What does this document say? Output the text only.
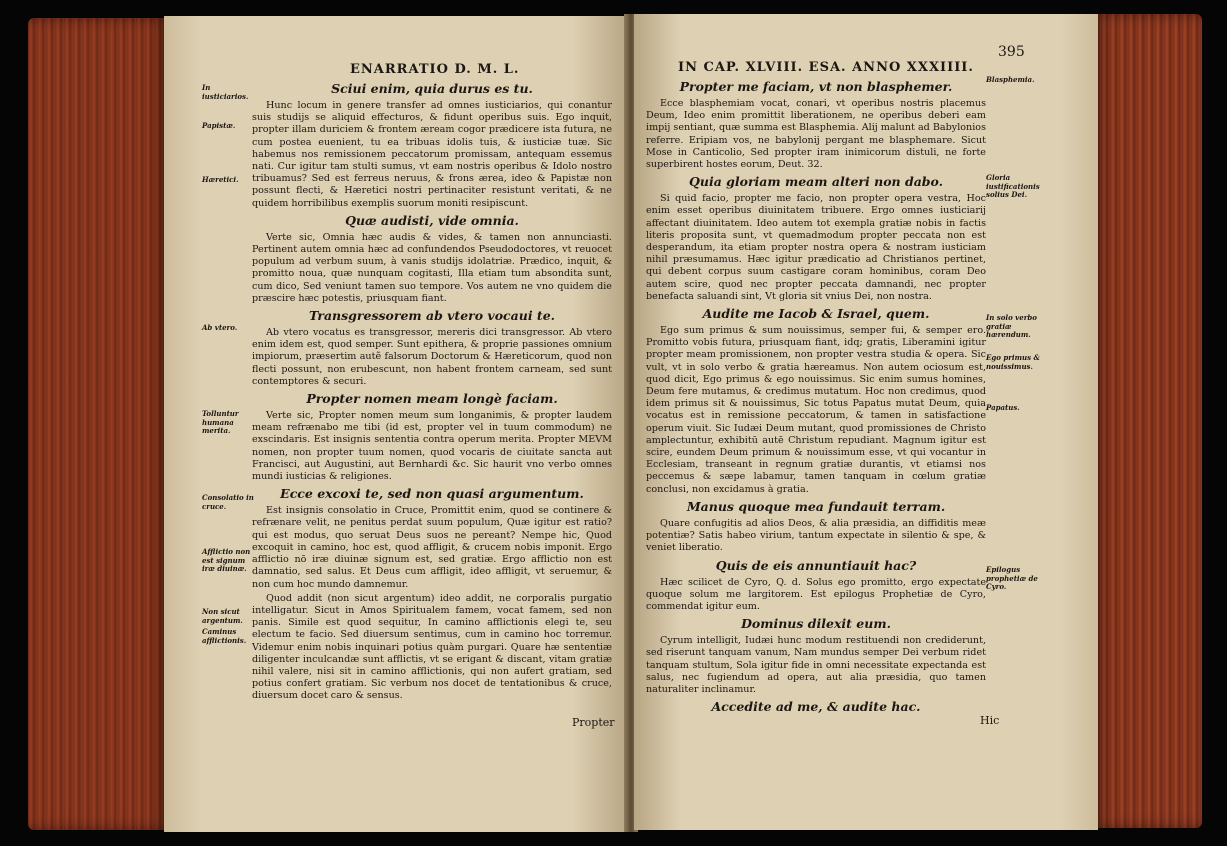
ENARRATIO D. M. L.
Sciui enim, quia durus es tu.

Hunc locum in genere transfer ad omnes iusticiarios, qui conantur suis studijs se aliquid effecturos, & fidunt operibus suis. Ego inquit, propter illam duriciem & frontem æream cogor prædicere ista futura, ne cum postea euenient, tu ea tribuas idolis tuis, & iusticiæ tuæ. Sic habemus nos remissionem peccatorum promissam, antequam essemus nati. Cur igitur tam stulti sumus, vt eam nostris operibus & Idolo nostro tribuamus? Sed est ferreus neruus, & frons ærea, ideo & Papistæ non possunt flecti, & Hæretici nostri pertinaciter resistunt veritati, & ne quidem horribilibus exemplis suorum moniti resipiscunt.

Quæ audisti, vide omnia.

Verte sic, Omnia hæc audis & vides, & tamen non annunciasti. Pertinent autem omnia hæc ad confundendos Pseudodoctores, vt reuocet populum ad verbum suum, à vanis studijs idolatriæ. Prædico, inquit, & promitto noua, quæ nunquam cogitasti, Illa etiam tum absondita sunt, cum dico, Sed veniunt tamen suo tempore. Vos autem ne vno quidem die præscire hæc potestis, priusquam fiant.

Transgressorem ab vtero vocaui te.

Ab vtero vocatus es transgressor, mereris dici transgressor. Ab vtero enim idem est, quod semper. Sunt epithera, & proprie passiones omnium impiorum, præsertim autẽ falsorum Doctorum & Hæreticorum, quod non flecti possunt, non erubescunt, non habent frontem carneam, sed sunt contemptores & securi.

Propter nomen meam longè faciam.

Verte sic, Propter nomen meum sum longanimis, & propter laudem meam refrænabo me tibi (id est, propter vel in tuum commodum) ne exscindaris. Est insignis sententia contra operum merita. Propter MEVM nomen, non propter tuum nomen, quod vocaris de ciuitate sancta aut Francisci, aut Augustini, aut Bernhardi &c. Sic haurit vno verbo omnes mundi iusticias & religiones.

Ecce excoxi te, sed non quasi argumentum.

Est insignis consolatio in Cruce, Promittit enim, quod se continere & refrænare velit, ne penitus perdat suum populum, Quæ igitur est ratio? qui est modus, quo seruat Deus suos ne pereant? Nempe hic, Quod excoquit in camino, hoc est, quod affligit, & crucem nobis imponit. Ergo afflictio nō iræ diuinæ signum est, sed gratiæ. Ergo afflictio non est damnatio, sed salus. Et Deus cum affligit, ideo affligit, vt seruemur, & non cum hoc mundo damnemur.

Quod addit (non sicut argentum) ideo addit, ne corporalis purgatio intelligatur. Sicut in Amos Spiritualem famem, vocat famem, sed non panis. Simile est quod sequitur, In camino afflictionis elegi te, seu electum te facio. Sed diuersum sentimus, cum in camino hoc torremur. Videmur enim nobis inquinari potius quàm purgari. Quare hæ sententiæ diligenter inculcandæ sunt afflictis, vt se erigant & discant, vitam gratiæ nihil valere, nisi sit in camino afflictionis, qui non aufert gratiam, sed potius confert gratiam. Sic verbum nos docet de tentationibus & cruce, diuersum docet caro & sensus.

In iusticiarios.
Papistæ.
Hæretici.
Ab vtero.
Tolluntur humana merita.
Consolatio in cruce.
Afflictio non est signum iræ diuinæ.
Non sicut argentum.
Caminus afflictionis.
Propter
IN CAP. XLVIII. ESA. ANNO XXXIIII.
395
Propter me faciam, vt non blasphemer.

Ecce blasphemiam vocat, conari, vt operibus nostris placemus Deum, Ideo enim promittit liberationem, ne operibus deberi eam impij sentiant, quæ summa est Blasphemia. Alij malunt ad Babylonios referre. Eripiam vos, ne babylonij pergant me blasphemare. Sicut Mose in Canticolio, Sed propter iram inimicorum distuli, ne forte superbirent hostes eorum, Deut. 32.

Quia gloriam meam alteri non dabo.

Si quid facio, propter me facio, non propter opera vestra, Hoc enim esset operibus diuinitatem tribuere. Ergo omnes iusticiarij affectant diuinitatem. Ideo autem tot exempla gratiæ nobis in factis literis proposita sunt, vt quemadmodum propter peccata non est desperandum, ita etiam propter nostra opera & nostram iusticiam nihil præsumamus. Hæc igitur prædicatio ad Christianos pertinet, qui debent corpus suum castigare coram hominibus, coram Deo autem scire, quod nec propter peccata damnandi, nec propter benefacta saluandi sint, Vt gloria sit vnius Dei, non nostra.

Audite me Iacob & Israel, quem.

Ego sum primus & sum nouissimus, semper fui, & semper ero. Promitto vobis futura, priusquam fiant, idq; gratis, Liberamini igitur propter meam promissionem, non propter vestra studia & opera. Sic vult, vt in solo verbo & gratia hæreamus. Non autem ociosum est, quod dicit, Ego primus & ego nouissimus. Sic enim sumus homines, Deum fere mutamus, & credimus mutatum. Hoc non credimus, quod idem primus sit & nouissimus, Sic totus Papatus mutat Deum, quia vocatus est in remissione peccatorum, & tamen in satisfactione operum viuit. Sic Iudæi Deum mutant, quod promissiones de Christo amplectuntur, exhibitū autē Christum repudiant. Magnum igitur est scire, eundem Deum primum & nouissimum esse, vt qui vocantur in Ecclesiam, transeant in regnum gratiæ durantis, vt etiamsi nos peccemus & sæpe labamur, tamen tanquam in cœlum gratiæ conclusi, non excidamus à gratia.

Manus quoque mea fundauit terram.

Quare confugitis ad alios Deos, & alia præsidia, an diffiditis meæ potentiæ? Satis habeo virium, tantum expectate in silentio & spe, & veniet liberatio.

Quis de eis annuntiauit hac?

Hæc scilicet de Cyro, Q. d. Solus ego promitto, ergo expectate quoque solum me largitorem. Est epilogus Prophetiæ de Cyro, commendat igitur eum.

Dominus dilexit eum.

Cyrum intelligit, Iudæi hunc modum restituendi non crediderunt, sed riserunt tanquam vanum, Nam mundus semper Dei verbum ridet tanquam stultum, Sola igitur fide in omni necessitate expectanda est salus, nec fugiendum ad opera, aut alia præsidia, quo tamen naturaliter inclinamur.

Accedite ad me, & audite hac.
Blasphemia.
Gloria iustificationis solius Dei.
In solo verbo gratiæ hærendum.
Ego primus & nouissimus.
Papatus.
Epilogus prophetiæ de Cyro.
Hic
